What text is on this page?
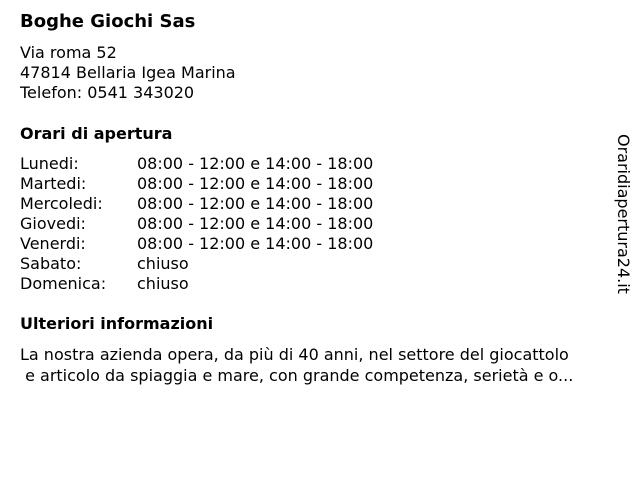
Boghe Giochi Sas
Via roma 52
47814 Bellaria Igea Marina
Telefon: 0541 343020
Orari di apertura
Lunedi:	08:00 - 12:00 e 14:00 - 18:00
Martedi:	08:00 - 12:00 e 14:00 - 18:00
Mercoledi:	08:00 - 12:00 e 14:00 - 18:00
Giovedi:	08:00 - 12:00 e 14:00 - 18:00
Venerdi:	08:00 - 12:00 e 14:00 - 18:00
Sabato:	chiuso
Domenica:	chiuso
Ulteriori informazioni
La nostra azienda opera, da più di 40 anni, nel settore del giocattolo
e articolo da spiaggia e mare, con grande competenza, serietà e o...
Oraridiapertura24.it
